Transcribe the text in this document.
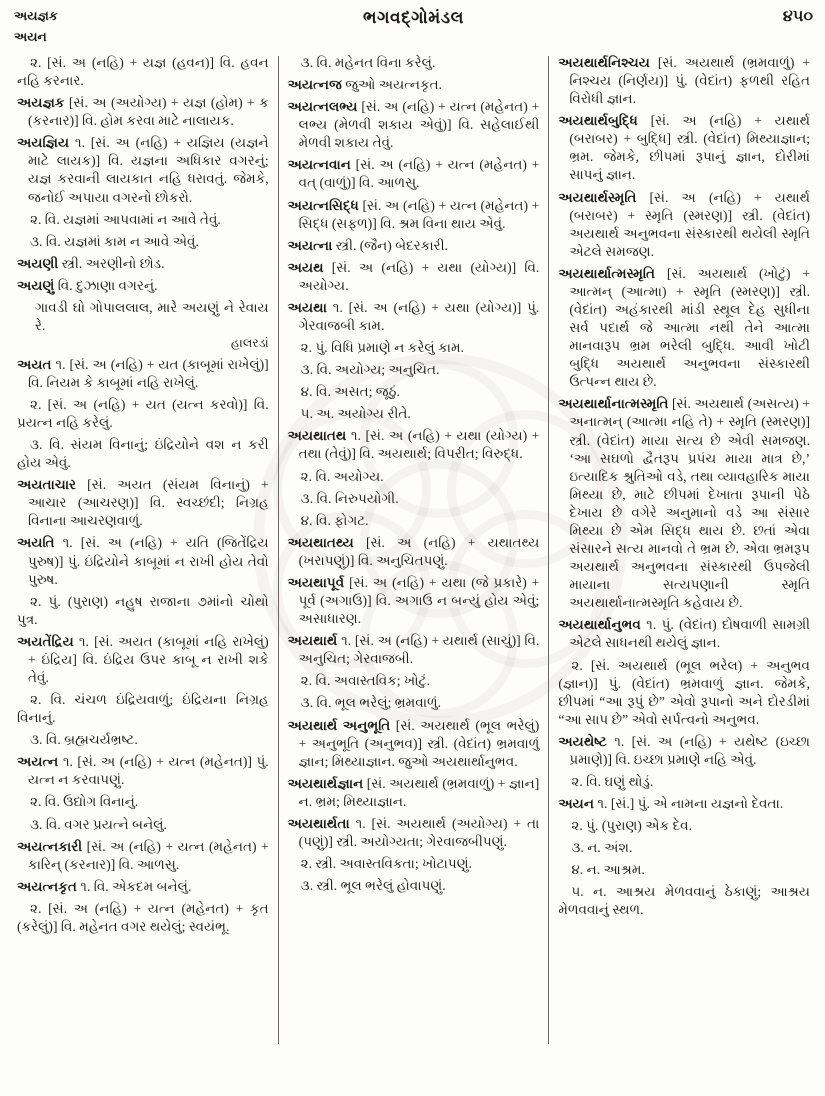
અયજ્ઞક
અયન
ભગવદ્ગોમંડલ	૪૫૦

૨. [સં. અ (નહિ) + યજ્ઞ (હવન)] વિ. હવન નહિ કરનાર.

અયજ્ઞક [સં. અ (અયોગ્ય) + યજ્ઞ (હોમ) + ક (કરનાર)] વિ. હોમ કરવા માટે નાલાયક.

અયજ્ઞિય ૧. [સં. અ (નહિ) + યજ્ઞિય (યજ્ઞને માટે લાયક)] વિ. યજ્ઞના અધિકાર વગરનું; યજ્ઞ કરવાની લાયકાત નહિ ધરાવતું. જેમકે, જનોઈ અપાયા વગરનો છોકરો.

૨. વિ. યજ્ઞમાં આપવામાં ન આવે તેવું.

૩. વિ. યજ્ઞમાં કામ ન આવે એવું.

અયણી સ્ત્રી. અરણીનો છોડ.

અયણું વિ. દુઝાણા વગરનું.

ગાવડી ઘો ગોપાલલાલ, મારે અયણું ને રેવાય રે.

હાલરડાં

અયત ૧. [સં. અ (નહિ) + યત (કાબૂમાં રાખેલું)] વિ. નિયમ કે કાબૂમાં નહિ રાખેલું.

૨. [સં. અ (નહિ) + યત (યત્ન કરવો)] વિ. પ્રયત્ન નહિ કરેલું.

૩. વિ. સંયમ વિનાનું; ઇંદ્રિયોને વશ ન કરી હોય એવું.

અયતાચાર [સં. અયત (સંયમ વિનાનું) + આચાર (આચરણ)] વિ. સ્વચ્છંદી; નિગ્રહ વિનાના આચરણવાળું.

અયતિ ૧. [સં. અ (નહિ) + યતિ (જિતેંદ્રિય પુરુષ)] પું. ઇંદ્રિયોને કાબૂમાં ન રાખી હોય તેવો પુરુષ.

૨. પું. (પુરાણ) નહુષ રાજાના ૭માંનો ચોથો પુત્ર.

અયતેંદ્રિય ૧. [સં. અયત (કાબૂમાં નહિ રાખેલું) + ઇંદ્રિય] વિ. ઇંદ્રિય ઉપર કાબૂ ન રાખી શકે તેવું.

૨. વિ. ચંચળ ઇંદ્રિયવાળું; ઇંદ્રિયના નિગ્રહ વિનાનું.

૩. વિ. બ્રહ્મચર્યભ્રષ્ટ.

અયત્ન ૧. [સં. અ (નહિ) + યત્ન (મહેનત)] પું. યત્ન ન કરવાપણું.

૨. વિ. ઉદ્યોગ વિનાનું.

૩. વિ. વગર પ્રયત્ને બનેલું.

અયત્નકારી [સં. અ (નહિ) + યત્ન (મહેનત) + કારિન્ (કરનાર)] વિ. આળસુ.

અયત્નકૃત ૧. વિ. એકદમ બનેલું.

૨. [સં. અ (નહિ) + યત્ન (મહેનત) + કૃત (કરેલું)] વિ. મહેનત વગર થયેલું; સ્વયંભૂ.

૩. વિ. મહેનત વિના કરેલું.

અયત્નજ જુઓ અયત્નકૃત.

અયત્નલભ્ય [સં. અ (નહિ) + યત્ન (મહેનત) + લભ્ય (મેળવી શકાય એવું)] વિ. સહેલાઈથી મેળવી શકાય તેવું.

અયત્નવાન [સં. અ (નહિ) + યત્ન (મહેનત) + વત્ (વાળું)] વિ. આળસુ.

અયત્નસિદ્ધ [સં. અ (નહિ) + યત્ન (મહેનત) + સિદ્ધ (સફળ)] વિ. શ્રમ વિના થાય એવું.

અયત્ના સ્ત્રી. (જૈન) બેદરકારી.

અયથ [સં. અ (નહિ) + યથા (યોગ્ય)] વિ. અયોગ્ય.

અયથા ૧. [સં. અ (નહિ) + યથા (યોગ્ય)] પું. ગેરવાજબી કામ.

૨. પું. વિધિ પ્રમાણે ન કરેલું કામ.

૩. વિ. અયોગ્ય; અનુચિત.

૪. વિ. અસત; જૂઠું.

૫. અ. અયોગ્ય રીતે.

અયથાતથ ૧. [સં. અ (નહિ) + યથા (યોગ્ય) + તથા (તેવું)] વિ. અયથાર્થ; વિપરીત; વિરુદ્ધ.

૨. વિ. અયોગ્ય.

૩. વિ. નિરુપયોગી.

૪. વિ. ફોગટ.

અયથાતથ્ય [સં. અ (નહિ) + યથાતથ્ય (ખરાપણું)] વિ. અનુચિતપણું.

અયથાપૂર્વ [સં. અ (નહિ) + યથા (જે પ્રકારે) + પૂર્વ (અગાઉ)] વિ. અગાઉ ન બન્યું હોય એવું; અસાધારણ.

અયથાર્થ ૧. [સં. અ (નહિ) + યથાર્થ (સાચું)] વિ. અનુચિત; ગેરવાજબી.

૨. વિ. અવાસ્તવિક; ખોટું.

૩. વિ. ભૂલ ભરેલું; ભ્રમવાળું.

અયથાર્થ અનુભૂતિ [સં. અયથાર્થ (ભૂલ ભરેલું) + અનુભૂતિ (અનુભવ)] સ્ત્રી. (વેદાંત) ભ્રમવાળું જ્ઞાન; મિથ્યાજ્ઞાન. જુઓ અયથાર્થાનુભવ.

અયથાર્થજ્ઞાન [સં. અયથાર્થ (ભ્રમવાળું) + જ્ઞાન] ન. ભ્રમ; મિથ્યાજ્ઞાન.

અયથાર્થતા ૧. [સં. અયથાર્થ (અયોગ્ય) + તા (પણું)] સ્ત્રી. અયોગ્યતા; ગેરવાજબીપણું.

૨. સ્ત્રી. અવાસ્તવિકતા; ખોટાપણું.

૩. સ્ત્રી. ભૂલ ભરેલું હોવાપણું.

અયથાર્થનિશ્ચય [સં. અયથાર્થ (ભ્રમવાળું) + નિશ્ચય (નિર્ણય)] પું. (વેદાંત) ફળથી રહિત વિરોધી જ્ઞાન.

અયથાર્થબુદ્ધિ [સં. અ (નહિ) + યથાર્થ (બરાબર) + બુદ્ધિ] સ્ત્રી. (વેદાંત) મિથ્યાજ્ઞાન; ભ્રમ. જેમકે, છીપમાં રૂપાનું જ્ઞાન, દોરીમાં સાપનું જ્ઞાન.

અયથાર્થસ્મૃતિ [સં. અ (નહિ) + યથાર્થ (બરાબર) + સ્મૃતિ (સ્મરણ)] સ્ત્રી. (વેદાંત) અયથાર્થ અનુભવના સંસ્કારથી થયેલી સ્મૃતિ એટલે સમજણ.

અયથાર્થાત્મસ્મૃતિ [સં. અયથાર્થ (ખોટું) + આત્મન્ (આત્મા) + સ્મૃતિ (સ્મરણ)] સ્ત્રી. (વેદાંત) અહંકારથી માંડી સ્થૂલ દેહ સુધીના સર્વ પદાર્થ જે આત્મા નથી તેને આત્મા માનવારૂપ ભ્રમ ભરેલી બુદ્ધિ. આવી ખોટી બુદ્ધિ અયથાર્થ અનુભવના સંસ્કારથી ઉત્પન્ન થાય છે.

અયથાર્થાનાત્મસ્મૃતિ [સં. અયથાર્થ (અસત્ય) + અનાત્મન્ (આત્મા નહિ તે) + સ્મૃતિ (સ્મરણ)] સ્ત્રી. (વેદાંત) માયા સત્ય છે એવી સમજણ. ‘આ સઘળો દ્વૈતરૂપ પ્રપંચ માયા માત્ર છે,’ ઇત્યાદિક શ્રુતિઓ વડે, તથા વ્યાવહારિક માયા મિથ્યા છે, માટે છીપમાં દેખાતા રૂપાની પેઠે દેખાય છે વગેરે અનુમાનો વડે આ સંસાર મિથ્યા છે એમ સિદ્ધ થાય છે. છતાં એવા સંસારને સત્ય માનવો તે ભ્રમ છે. એવા ભ્રમરૂપ અયથાર્થ અનુભવના સંસ્કારથી ઉપજેલી માયાના સત્યપણાની સ્મૃતિ અયથાર્થાનાત્મસ્મૃતિ કહેવાય છે.

અયથાર્થાનુભવ ૧. પું. (વેદાંત) દોષવાળી સામગ્રી એટલે સાધનથી થયેલું જ્ઞાન.

૨. [સં. અયથાર્થ (ભૂલ ભરેલ) + અનુભવ (જ્ઞાન)] પું. (વેદાંત) ભ્રમવાળું જ્ઞાન. જેમકે, છીપમાં “આ રૂપું છે” એવો રૂપાનો અને દોરડીમાં “આ સાપ છે” એવો સર્પત્વનો અનુભવ.

અયથેષ્ટ ૧. [સં. અ (નહિ) + યથેષ્ટ (ઇચ્છા પ્રમાણે)] વિ. ઇચ્છા પ્રમાણે નહિ એવું.

૨. વિ. ઘણું થોડું.

અયન ૧. [સં.] પું. એ નામના યજ્ઞનો દેવતા.

૨. પું. (પુરાણ) એક દેવ.

૩. ન. અંશ.

૪. ન. આશ્રમ.

૫. ન. આશ્રય મેળવવાનું ઠેકાણું; આશ્રય મેળવવાનું સ્થળ.
